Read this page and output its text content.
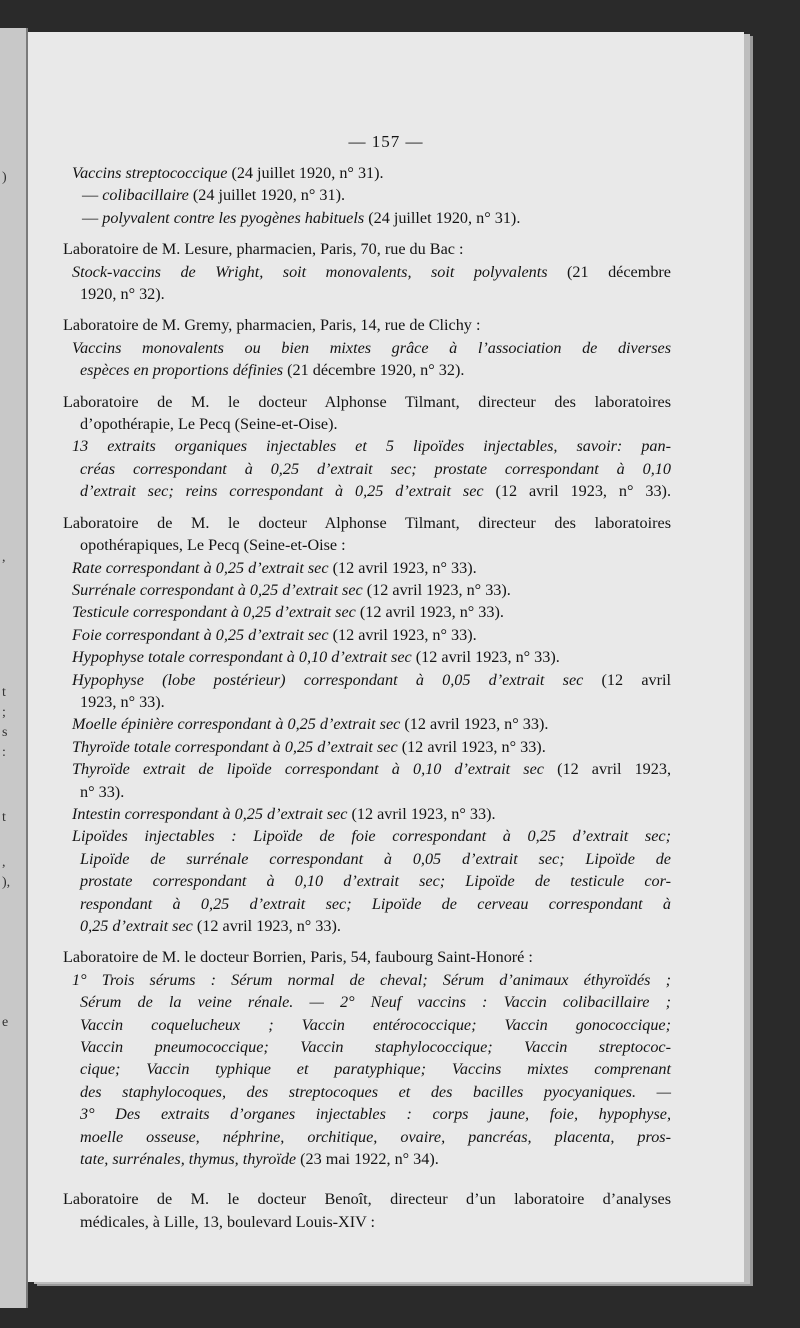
)
,
t
;
s
:
t
,
),
e
— 157 —
Vaccins streptococcique (24 juillet 1920, n° 31).
— colibacillaire (24 juillet 1920, n° 31).
— polyvalent contre les pyogènes habituels (24 juillet 1920, n° 31).
Laboratoire de M. Lesure, pharmacien, Paris, 70, rue du Bac :
Stock-vaccins de Wright, soit monovalents, soit polyvalents (21 décembre
1920, n° 32).
Laboratoire de M. Gremy, pharmacien, Paris, 14, rue de Clichy :
Vaccins monovalents ou bien mixtes grâce à l’association de diverses
espèces en proportions définies (21 décembre 1920, n° 32).
Laboratoire de M. le docteur Alphonse Tilmant, directeur des laboratoires
d’opothérapie, Le Pecq (Seine-et-Oise).
13 extraits organiques injectables et 5 lipoïdes injectables, savoir: pan-
créas correspondant à 0,25 d’extrait sec; prostate correspondant à 0,10
d’extrait sec; reins correspondant à 0,25 d’extrait sec (12 avril 1923, n° 33).
Laboratoire de M. le docteur Alphonse Tilmant, directeur des laboratoires
opothérapiques, Le Pecq (Seine-et-Oise :
Rate correspondant à 0,25 d’extrait sec (12 avril 1923, n° 33).
Surrénale correspondant à 0,25 d’extrait sec (12 avril 1923, n° 33).
Testicule correspondant à 0,25 d’extrait sec (12 avril 1923, n° 33).
Foie correspondant à 0,25 d’extrait sec (12 avril 1923, n° 33).
Hypophyse totale correspondant à 0,10 d’extrait sec (12 avril 1923, n° 33).
Hypophyse (lobe postérieur) correspondant à 0,05 d’extrait sec (12 avril
1923, n° 33).
Moelle épinière correspondant à 0,25 d’extrait sec (12 avril 1923, n° 33).
Thyroïde totale correspondant à 0,25 d’extrait sec (12 avril 1923, n° 33).
Thyroïde extrait de lipoïde correspondant à 0,10 d’extrait sec (12 avril 1923,
n° 33).
Intestin correspondant à 0,25 d’extrait sec (12 avril 1923, n° 33).
Lipoïdes injectables : Lipoïde de foie correspondant à 0,25 d’extrait sec;
Lipoïde de surrénale correspondant à 0,05 d’extrait sec; Lipoïde de
prostate correspondant à 0,10 d’extrait sec; Lipoïde de testicule cor-
respondant à 0,25 d’extrait sec; Lipoïde de cerveau correspondant à
0,25 d’extrait sec (12 avril 1923, n° 33).
Laboratoire de M. le docteur Borrien, Paris, 54, faubourg Saint-Honoré :
1° Trois sérums : Sérum normal de cheval; Sérum d’animaux éthyroïdés ;
Sérum de la veine rénale. — 2° Neuf vaccins : Vaccin colibacillaire ;
Vaccin coquelucheux ; Vaccin entérococcique; Vaccin gonococcique;
Vaccin pneumococcique; Vaccin staphylococcique; Vaccin streptococ-
cique; Vaccin typhique et paratyphique; Vaccins mixtes comprenant
des staphylocoques, des streptocoques et des bacilles pyocyaniques. —
3° Des extraits d’organes injectables : corps jaune, foie, hypophyse,
moelle osseuse, néphrine, orchitique, ovaire, pancréas, placenta, pros-
tate, surrénales, thymus, thyroïde (23 mai 1922, n° 34).
Laboratoire de M. le docteur Benoît, directeur d’un laboratoire d’analyses
médicales, à Lille, 13, boulevard Louis-XIV :
